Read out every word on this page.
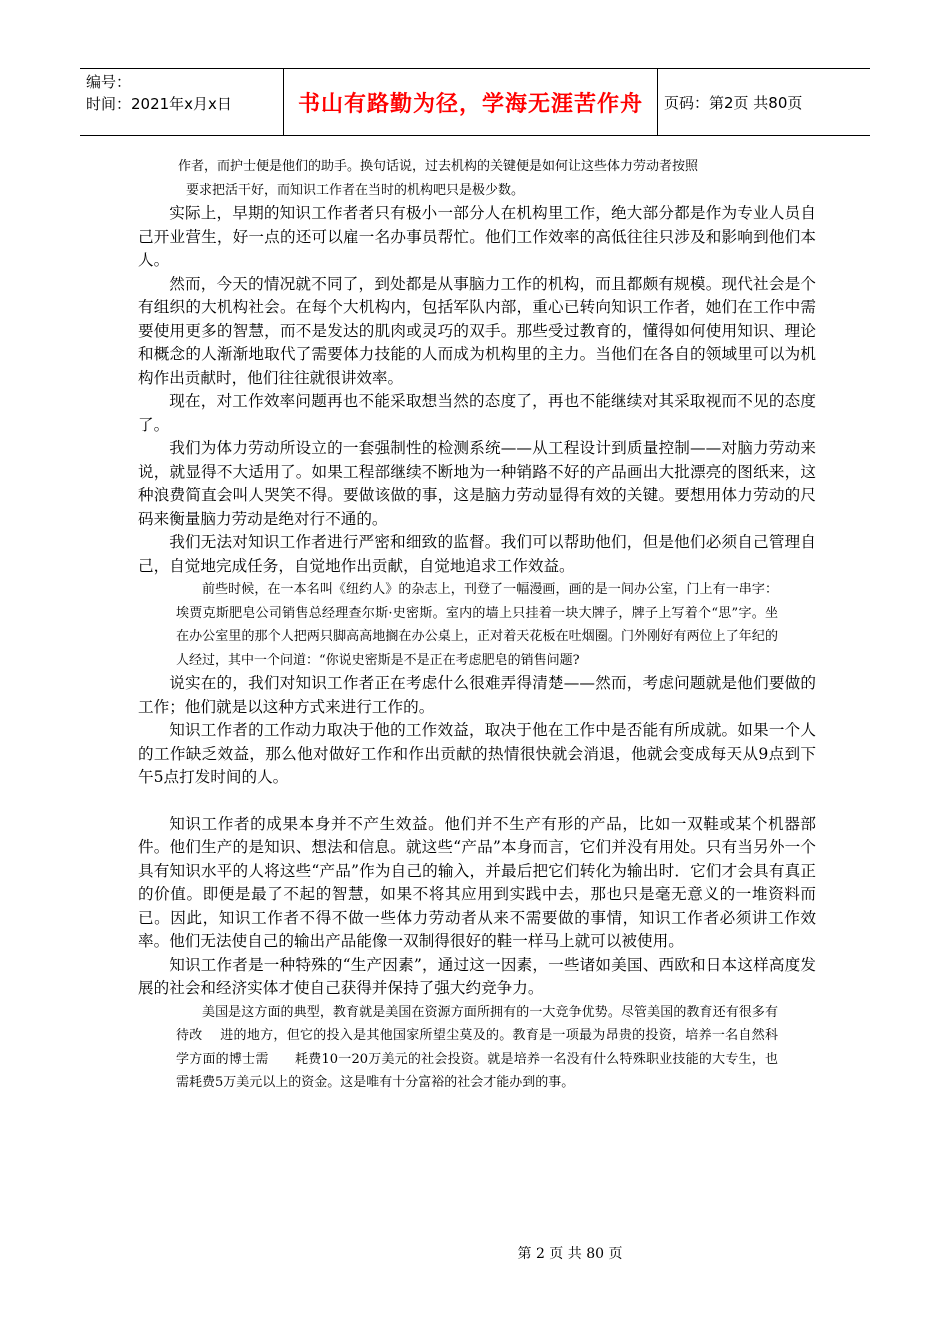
编号：
时间：2021年x月x日	书山有路勤为径，学海无涯苦作舟	页码：第2页 共80页
作者，而护士便是他们的助手。换句话说，过去机构的关键便是如何让这些体力劳动者按照
要求把活干好，而知识工作者在当时的机构吧只是极少数。

实际上，早期的知识工作者者只有极小一部分人在机构里工作，绝大部分都是作为专业人员自己开业营生，好一点的还可以雇一名办事员帮忙。他们工作效率的高低往往只涉及和影响到他们本人。

然而，今天的情况就不同了，到处都是从事脑力工作的机构，而且都颇有规模。现代社会是个有组织的大机构社会。在每个大机构内，包括军队内部，重心已转向知识工作者，她们在工作中需要使用更多的智慧，而不是发达的肌肉或灵巧的双手。那些受过教育的，懂得如何使用知识、理论和概念的人渐渐地取代了需要体力技能的人而成为机构里的主力。当他们在各自的领域里可以为机构作出贡献时，他们往往就很讲效率。

现在，对工作效率问题再也不能采取想当然的态度了，再也不能继续对其采取视而不见的态度了。

我们为体力劳动所设立的一套强制性的检测系统——从工程设计到质量控制——对脑力劳动来说，就显得不大适用了。如果工程部继续不断地为一种销路不好的产品画出大批漂亮的图纸来，这种浪费简直会叫人哭笑不得。要做该做的事，这是脑力劳动显得有效的关键。要想用体力劳动的尺码来衡量脑力劳动是绝对行不通的。

我们无法对知识工作者进行严密和细致的监督。我们可以帮助他们，但是他们必须自己管理自己，自觉地完成任务，自觉地作出贡献，自觉地追求工作效益。

前些时候，在一本名叫《纽约人》的杂志上，刊登了一幅漫画，画的是一间办公室，门上有一串字：埃贾克斯肥皂公司销售总经理查尔斯·史密斯。室内的墙上只挂着一块大牌子，牌子上写着个“思”字。坐在办公室里的那个人把两只脚高高地搁在办公桌上，正对着天花板在吐烟圈。门外刚好有两位上了年纪的人经过，其中一个问道：“你说史密斯是不是正在考虑肥皂的销售问题?

说实在的，我们对知识工作者正在考虑什么很难弄得清楚——然而，考虑问题就是他们要做的工作；他们就是以这种方式来进行工作的。

知识工作者的工作动力取决于他的工作效益，取决于他在工作中是否能有所成就。如果一个人的工作缺乏效益，那么他对做好工作和作出贡献的热情很快就会消退，他就会变成每天从9点到下午5点打发时间的人。

知识工作者的成果本身并不产生效益。他们并不生产有形的产品，比如一双鞋或某个机器部件。他们生产的是知识、想法和信息。就这些“产品”本身而言，它们并没有用处。只有当另外一个具有知识水平的人将这些“产品”作为自己的输入，并最后把它们转化为输出时．它们才会具有真正的价值。即便是最了不起的智慧，如果不将其应用到实践中去，那也只是毫无意义的一堆资料而已。因此，知识工作者不得不做一些体力劳动者从来不需要做的事情，知识工作者必须讲工作效率。他们无法使自己的输出产品能像一双制得很好的鞋一样马上就可以被使用。

知识工作者是一种特殊的“生产因素”，通过这一因素，一些诸如美国、西欧和日本这样高度发展的社会和经济实体才使自己获得并保持了强大约竞争力。

美国是这方面的典型，教育就是美国在资源方面所拥有的一大竞争优势。尽管美国的教育还有很多有待改　 进的地方，但它的投入是其他国家所望尘莫及的。教育是一项最为昂贵的投资，培养一名自然科学方面的博士需　　耗费10一20万美元的社会投资。就是培养一名没有什么特殊职业技能的大专生，也需耗费5万美元以上的资金。这是唯有十分富裕的社会才能办到的事。

第 2 页 共 80 页
